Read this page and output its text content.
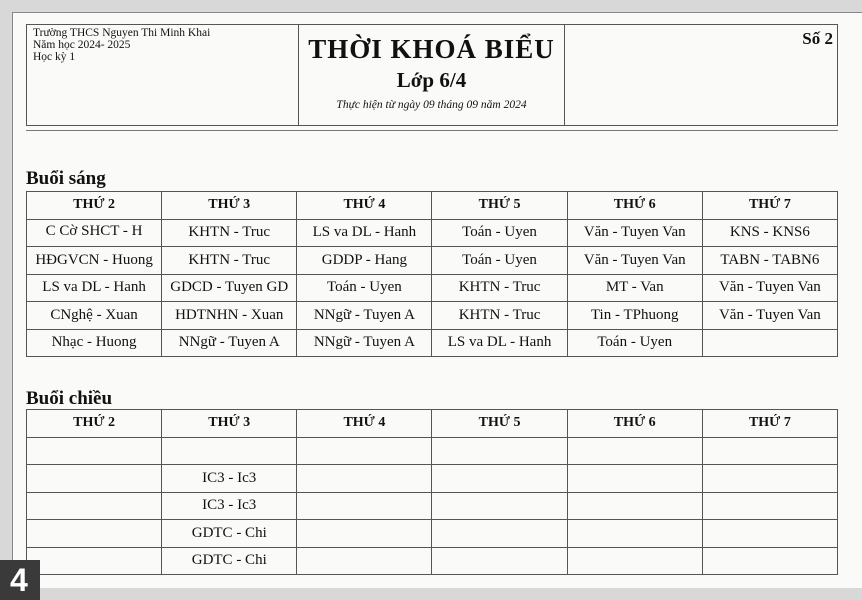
Trường THCS Nguyen Thi Minh Khai
Năm học 2024- 2025
Học kỳ 1	THỜI KHOÁ BIỂU
Lớp 6/4
Thực hiện từ ngày 09 tháng 09 năm 2024
Số 2
Buổi sáng
THỨ 2	THỨ 3	THỨ 4	THỨ 5	THỨ 6	THỨ 7
C Cờ SHCT - H	KHTN - Truc	LS va DL - Hanh	Toán - Uyen	Văn - Tuyen Van	KNS - KNS6
HĐGVCN - Huong	KHTN - Truc	GDDP - Hang	Toán - Uyen	Văn - Tuyen Van	TABN - TABN6
LS va DL - Hanh	GDCD - Tuyen GD	Toán - Uyen	KHTN - Truc	MT - Van	Văn - Tuyen Van
CNghệ - Xuan	HDTNHN - Xuan	NNgữ - Tuyen A	KHTN - Truc	Tin - TPhuong	Văn - Tuyen Van
Nhạc - Huong	NNgữ - Tuyen A	NNgữ - Tuyen A	LS va DL - Hanh	Toán - Uyen	
Buổi chiều
THỨ 2	THỨ 3	THỨ 4	THỨ 5	THỨ 6	THỨ 7

	IC3 - Ic3				
	IC3 - Ic3				
	GDTC - Chi				
	GDTC - Chi				
4
